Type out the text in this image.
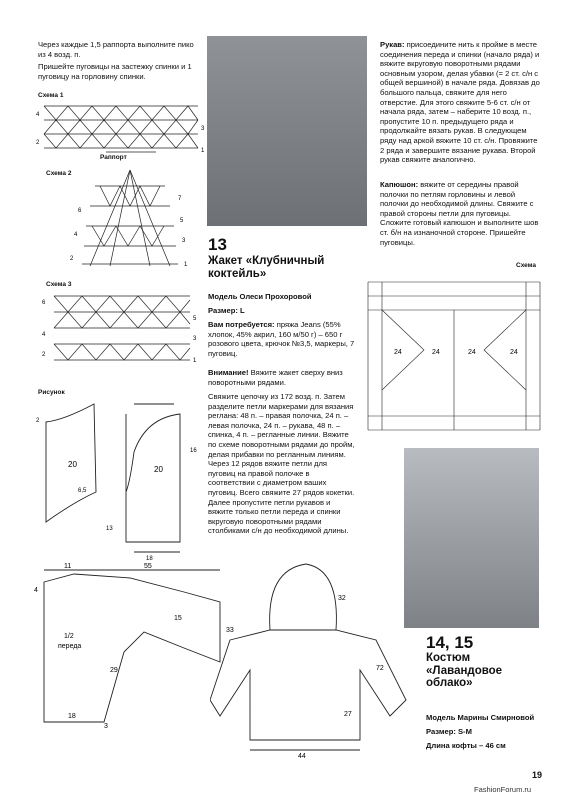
Через каждые 1,5 раппорта выполните пико из 4 возд. п.
Пришейте пуговицы на застежку спинки и 1 пуговицу на горловину спинки.
Схема 1
4
2
3
1
Раппорт
Схема 2
6
4
2
7
5
3
1
Схема 3
6
4
2
5
3
1
Рисунок
20
20
13
18
2
6,5
16
55
11
4
15
33
1/2
переда
29
18
3
13
Жакет «Клубничный коктейль»
Модель Олеси Прохоровой
Размер: L
Вам потребуется: пряжа Jeans (55% хлопок, 45% акрил, 160 м/50 г) – 650 г розового цвета, крючок №3,5, маркеры, 7 пуговиц.
Внимание! Вяжите жакет сверху вниз поворотными рядами.
Свяжите цепочку из 172 возд. п. Затем разделите петли маркерами для вязания реглана: 48 п. – правая полочка, 24 п. – левая полочка, 24 п. – рукава, 48 п. – спинка, 4 п. – регланные линии. Вяжите по схеме поворотными рядами до пройм, делая прибавки по регланным линиям. Через 12 рядов вяжите петли для пуговиц на правой полочке в соответствии с диаметром ваших пуговиц. Всего свяжите 27 рядов кокетки. Далее пропустите петли рукавов и вяжите только петли переда и спинки вкруговую поворотными рядами столбиками с/н до необходимой длины.
32
72
27
44
Рукав: присоедините нить к пройме в месте соединения переда и спинки (начало ряда) и вяжите вкруговую поворотными рядами основным узором, делая убавки (= 2 ст. с/н с общей вершиной) в начале ряда. Довязав до большого пальца, свяжите для него отверстие. Для этого свяжите 5-6 ст. с/н от начала ряда, затем – наберите 10 возд. п., пропустите 10 п. предыдущего ряда и продолжайте вязать рукав. В следующем ряду над аркой вяжите 10 ст. с/н. Провяжите 2 ряда и завершите вязание рукава. Второй рукав свяжите аналогично.
Капюшон: вяжите от середины правой полочки по петлям горловины и левой полочки до необходимой длины. Свяжите с правой стороны петли для пуговицы. Сложите готовый капюшон и выполните шов ст. б/н на изнаночной стороне. Пришейте пуговицы.
Схема
24	24	24	24
14, 15
Костюм «Лавандовое облако»
Модель Марины Смирновой
Размер: S-M
Длина кофты – 46 см
19
FashionForum.ru
